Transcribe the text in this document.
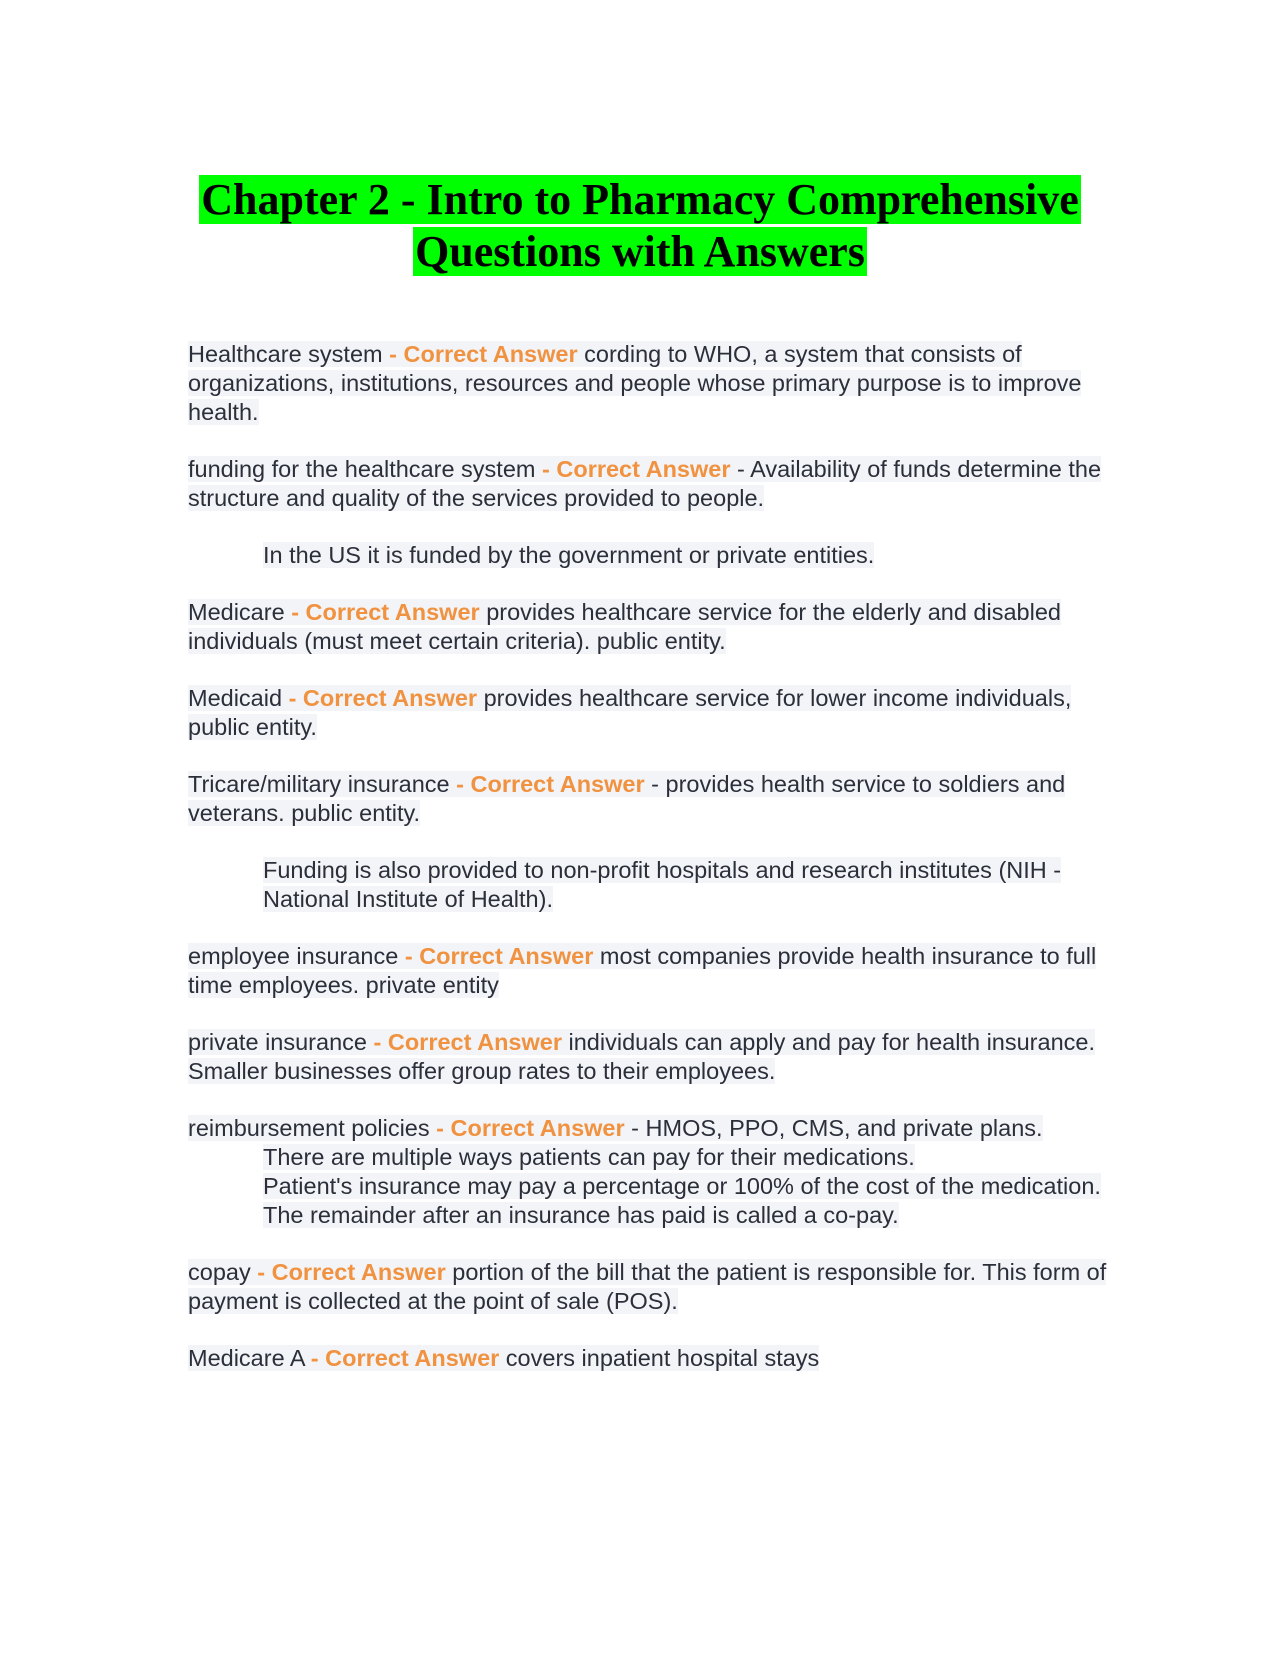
Chapter 2 - Intro to Pharmacy Comprehensive
Questions with Answers
Healthcare system - Correct Answer cording to WHO, a system that consists of organizations, institutions, resources and people whose primary purpose is to improve health.
funding for the healthcare system - Correct Answer - Availability of funds determine the structure and quality of the services provided to people.
In the US it is funded by the government or private entities.
Medicare - Correct Answer provides healthcare service for the elderly and disabled individuals (must meet certain criteria). public entity.
Medicaid - Correct Answer provides healthcare service for lower income individuals, public entity.
Tricare/military insurance - Correct Answer - provides health service to soldiers and veterans. public entity.
Funding is also provided to non-profit hospitals and research institutes (NIH - National Institute of Health).
employee insurance - Correct Answer most companies provide health insurance to full time employees. private entity
private insurance - Correct Answer individuals can apply and pay for health insurance. Smaller businesses offer group rates to their employees.
reimbursement policies - Correct Answer - HMOS, PPO, CMS, and private plans.
There are multiple ways patients can pay for their medications.
Patient's insurance may pay a percentage or 100% of the cost of the medication.
The remainder after an insurance has paid is called a co-pay.
copay - Correct Answer portion of the bill that the patient is responsible for. This form of payment is collected at the point of sale (POS).
Medicare A - Correct Answer covers inpatient hospital stays
